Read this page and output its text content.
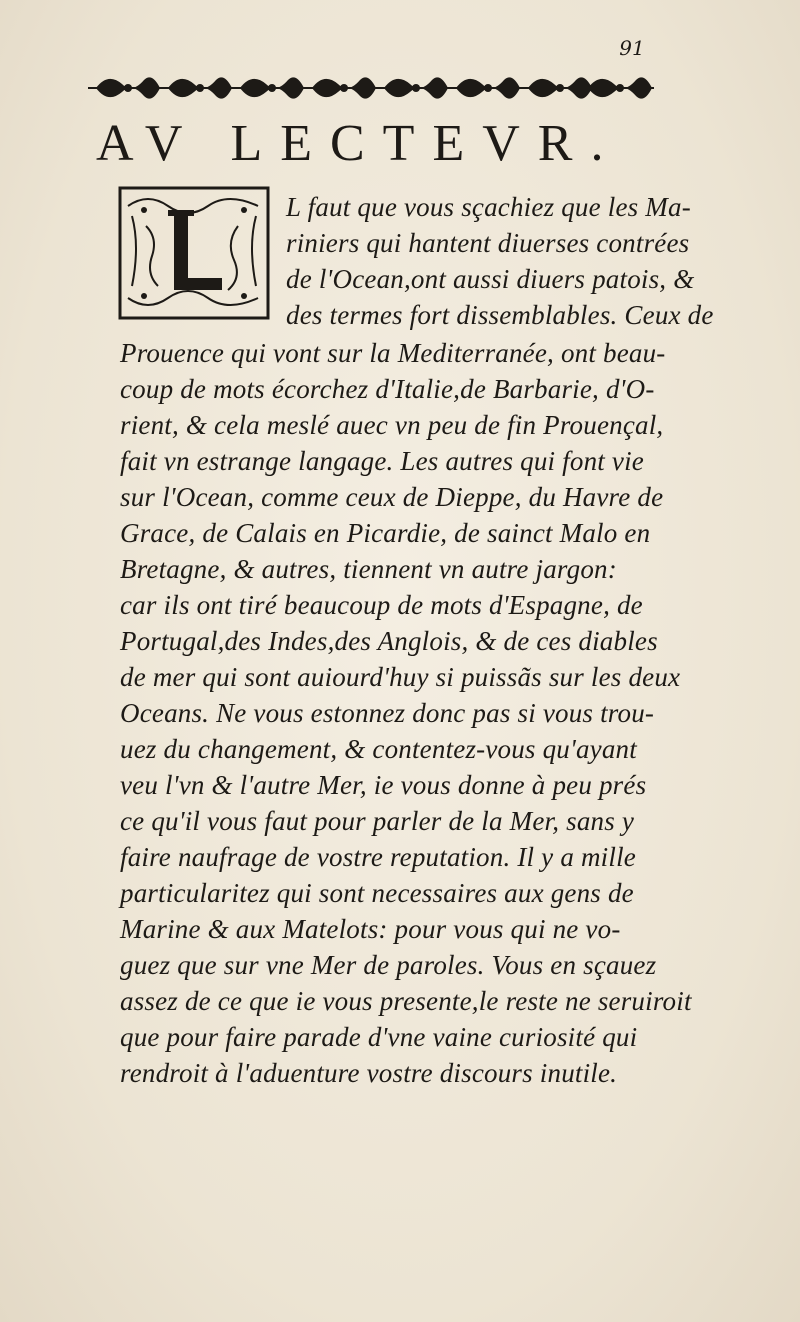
91
AV LECTEVR.
L faut que vous sçachiez que les Ma-
riniers qui hantent diuerses contrées
de l'Ocean,ont aussi diuers patois, &
des termes fort dissemblables. Ceux de
Prouence qui vont sur la Mediterranée, ont beau-
coup de mots écorchez d'Italie,de Barbarie, d'O-
rient, & cela meslé auec vn peu de fin Prouençal,
fait vn estrange langage. Les autres qui font vie
sur l'Ocean, comme ceux de Dieppe, du Havre de
Grace, de Calais en Picardie, de sainct Malo en
Bretagne, & autres, tiennent vn autre jargon:
car ils ont tiré beaucoup de mots d'Espagne, de
Portugal,des Indes,des Anglois, & de ces diables
de mer qui sont auiourd'huy si puissãs sur les deux
Oceans. Ne vous estonnez donc pas si vous trou-
uez du changement, & contentez-vous qu'ayant
veu l'vn & l'autre Mer, ie vous donne à peu prés
ce qu'il vous faut pour parler de la Mer, sans y
faire naufrage de vostre reputation. Il y a mille
particularitez qui sont necessaires aux gens de
Marine & aux Matelots: pour vous qui ne vo-
guez que sur vne Mer de paroles. Vous en sçauez
assez de ce que ie vous presente,le reste ne seruiroit
que pour faire parade d'vne vaine curiosité qui
rendroit à l'aduenture vostre discours inutile.
